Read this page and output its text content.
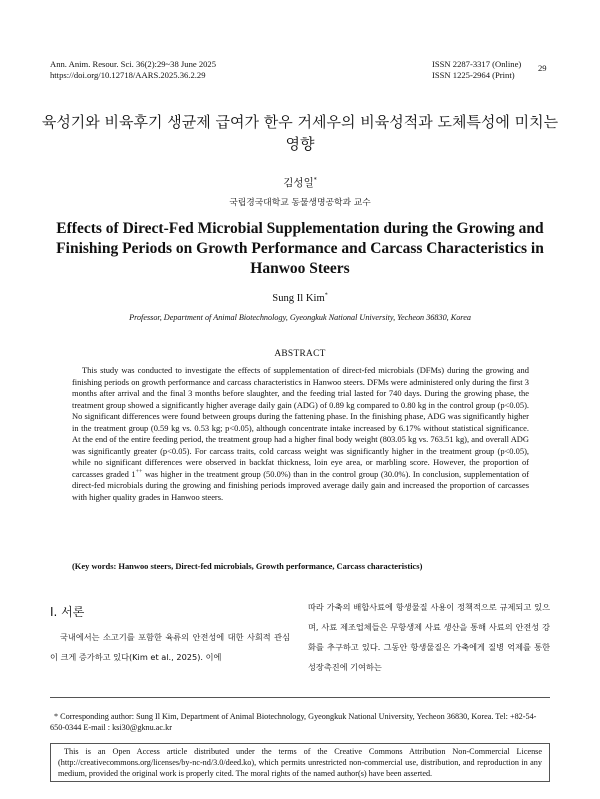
Ann. Anim. Resour. Sci. 36(2):29~38 June 2025
https://doi.org/10.12718/AARS.2025.36.2.29
ISSN 2287-3317 (Online)
ISSN 1225-2964 (Print)
29
육성기와 비육후기 생균제 급여가 한우 거세우의 비육성적과 도체특성에 미치는 영향
김성일*
국립경국대학교 동물생명공학과 교수
Effects of Direct-Fed Microbial Supplementation during the Growing and Finishing Periods on Growth Performance and Carcass Characteristics in Hanwoo Steers
Sung Il Kim*
Professor, Department of Animal Biotechnology, Gyeongkuk National University, Yecheon 36830, Korea
ABSTRACT

This study was conducted to investigate the effects of supplementation of direct-fed microbials (DFMs) during the growing and finishing periods on growth performance and carcass characteristics in Hanwoo steers. DFMs were administered only during the first 3 months after arrival and the final 3 months before slaughter, and the feeding trial lasted for 740 days. During the growing phase, the treatment group showed a significantly higher average daily gain (ADG) of 0.89 kg compared to 0.80 kg in the control group (p<0.05). No significant differences were found between groups during the fattening phase. In the finishing phase, ADG was significantly higher in the treatment group (0.59 kg vs. 0.53 kg; p<0.05), although concentrate intake increased by 6.17% without statistical significance. At the end of the entire feeding period, the treatment group had a higher final body weight (803.05 kg vs. 763.51 kg), and overall ADG was significantly greater (p<0.05). For carcass traits, cold carcass weight was significantly higher in the treatment group (p<0.05), while no significant differences were observed in backfat thickness, loin eye area, or marbling score. However, the proportion of carcasses graded 1++ was higher in the treatment group (50.0%) than in the control group (30.0%). In conclusion, supplementation of direct-fed microbials during the growing and finishing periods improved average daily gain and increased the proportion of carcasses with higher quality grades in Hanwoo steers.

(Key words: Hanwoo steers, Direct-fed microbials, Growth performance, Carcass characteristics)
Ⅰ. 서론

국내에서는 소고기를 포함한 육류의 안전성에 대한 사회적 관심이 크게 증가하고 있다(Kim et al., 2025). 이에

따라 가축의 배합사료에 항생물질 사용이 정책적으로 규제되고 있으며, 사료 제조업체들은 무항생제 사료 생산을 통해 사료의 안전성 강화를 추구하고 있다. 그동안 항생물질은 가축에게 질병 억제를 통한 성장촉진에 기여하는

* Corresponding author: Sung Il Kim, Department of Animal Biotechnology, Gyeongkuk National University, Yecheon 36830, Korea. Tel: +82-54-650-0344 E-mail : ksi30@gknu.ac.kr
This is an Open Access article distributed under the terms of the Creative Commons Attribution Non-Commercial License (http://creativecommons.org/licenses/by-nc-nd/3.0/deed.ko), which permits unrestricted non-commercial use, distribution, and reproduction in any medium, provided the original work is properly cited. The moral rights of the named author(s) have been asserted.
